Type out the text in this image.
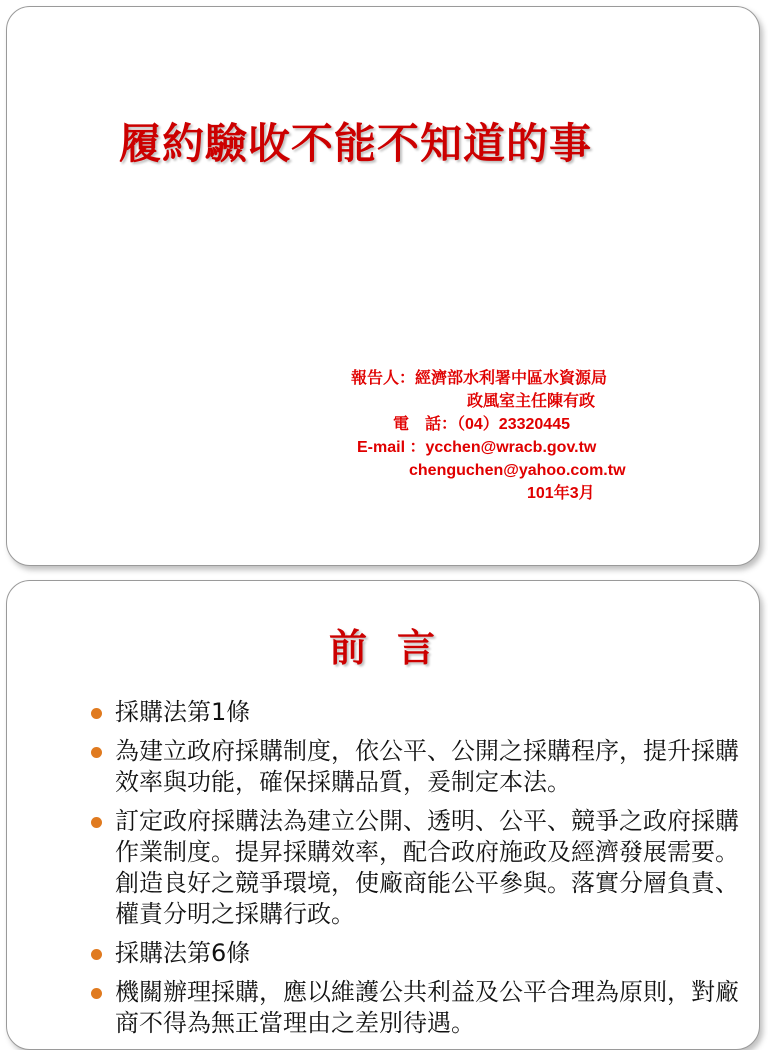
履約驗收不能不知道的事
報告人：經濟部水利署中區水資源局
政風室主任陳有政
電　話：（04）23320445
E-mail ：ycchen@wracb.gov.tw
chenguchen@yahoo.com.tw
101年3月
前 言
採購法第1條
為建立政府採購制度，依公平、公開之採購程序，提升採購效率與功能，確保採購品質，爰制定本法。
訂定政府採購法為建立公開、透明、公平、競爭之政府採購作業制度。提昇採購效率，配合政府施政及經濟發展需要。創造良好之競爭環境，使廠商能公平參與。落實分層負責、權責分明之採購行政。
採購法第6條
機關辦理採購，應以維護公共利益及公平合理為原則，對廠商不得為無正當理由之差別待遇。
